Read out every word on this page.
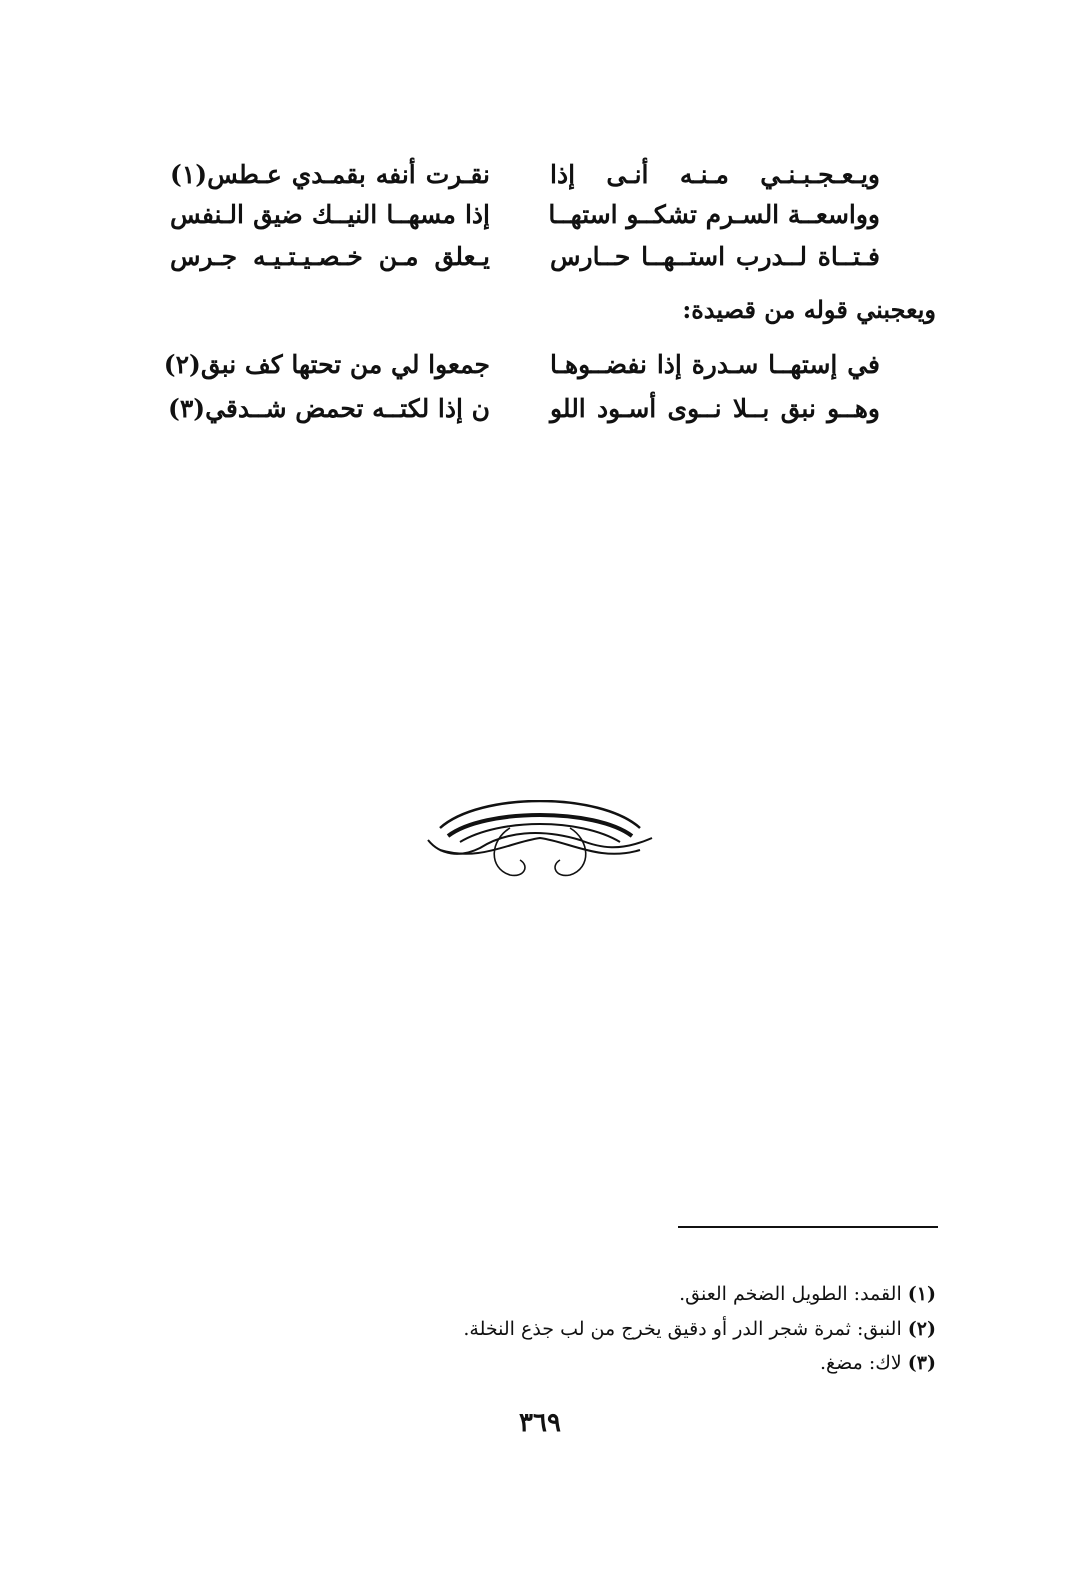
ويـعـجـبـنـي مـنـه أنـى إذا
نقـرت أنفه بقمـدي عـطس(١)
وواسعــة السـرم تشكــو استهــا
إذا مسهــا النيــك ضيق الـنفس
فـتــاة لــدرب استــهــا حــارس
يـعلق مـن خـصـيـتـيـه جـرس
ويعجبني قوله من قصيدة:
في إستهــا سـدرة إذا نفضــوهـا
جمعوا لي من تحتها كف نبق(٢)
وهــو نبق بــلا نــوى أسـود اللو
ن إذا لكتــه تحمض شــدقي(٣)
(١) القمد: الطويل الضخم العنق.
(٢) النبق: ثمرة شجر الدر أو دقيق يخرج من لب جذع النخلة.
(٣) لاك: مضغ.
٣٦٩
